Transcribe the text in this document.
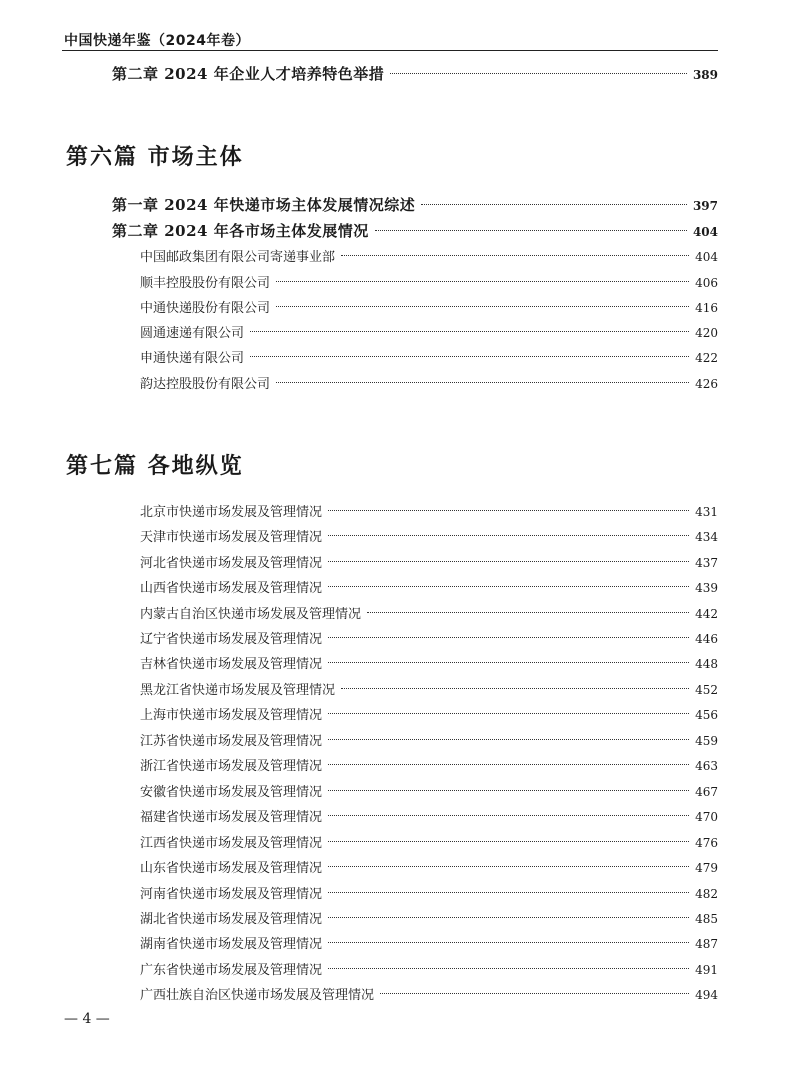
中国快递年鉴（2024年卷）
第二章 2024 年企业人才培养特色举措	389
第六篇 市场主体
第一章 2024 年快递市场主体发展情况综述	397
第二章 2024 年各市场主体发展情况	404
中国邮政集团有限公司寄递事业部	404
顺丰控股股份有限公司	406
中通快递股份有限公司	416
圆通速递有限公司	420
申通快递有限公司	422
韵达控股股份有限公司	426
第七篇 各地纵览
北京市快递市场发展及管理情况	431
天津市快递市场发展及管理情况	434
河北省快递市场发展及管理情况	437
山西省快递市场发展及管理情况	439
内蒙古自治区快递市场发展及管理情况	442
辽宁省快递市场发展及管理情况	446
吉林省快递市场发展及管理情况	448
黑龙江省快递市场发展及管理情况	452
上海市快递市场发展及管理情况	456
江苏省快递市场发展及管理情况	459
浙江省快递市场发展及管理情况	463
安徽省快递市场发展及管理情况	467
福建省快递市场发展及管理情况	470
江西省快递市场发展及管理情况	476
山东省快递市场发展及管理情况	479
河南省快递市场发展及管理情况	482
湖北省快递市场发展及管理情况	485
湖南省快递市场发展及管理情况	487
广东省快递市场发展及管理情况	491
广西壮族自治区快递市场发展及管理情况	494
— 4 —
